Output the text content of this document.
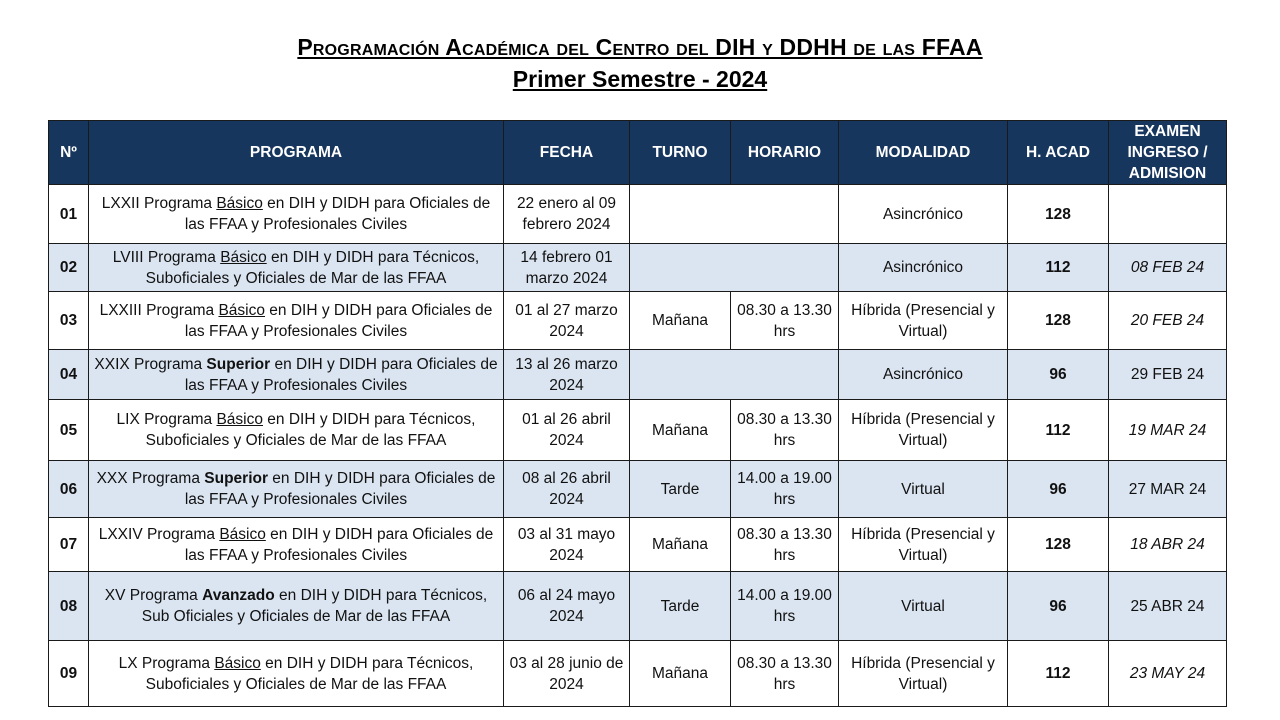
Programación Académica del Centro del DIH y DDHH de las FFAA
Primer Semestre - 2024
Nº	PROGRAMA	FECHA	TURNO	HORARIO	MODALIDAD	H. ACAD	EXAMEN INGRESO / ADMISION
01	LXXII Programa Básico en DIH y DIDH para Oficiales de las FFAA y Profesionales Civiles	22 enero al 09 febrero 2024			Asincrónico	128	
02	LVIII Programa Básico en DIH y DIDH para Técnicos, Suboficiales y Oficiales de Mar de las FFAA	14 febrero 01 marzo 2024			Asincrónico	112	08 FEB 24
03	LXXIII Programa Básico en DIH y DIDH para Oficiales de las FFAA y Profesionales Civiles	01 al 27 marzo 2024	Mañana	08.30 a 13.30 hrs	Híbrida (Presencial y Virtual)	128	20 FEB 24
04	XXIX Programa Superior en DIH y DIDH para Oficiales de las FFAA y Profesionales Civiles	13 al 26 marzo 2024			Asincrónico	96	29 FEB 24
05	LIX Programa Básico en DIH y DIDH para Técnicos, Suboficiales y Oficiales de Mar de las FFAA	01 al 26 abril 2024	Mañana	08.30 a 13.30 hrs	Híbrida (Presencial y Virtual)	112	19 MAR 24
06	XXX Programa Superior en DIH y DIDH para Oficiales de las FFAA y Profesionales Civiles	08 al 26 abril 2024	Tarde	14.00 a 19.00 hrs	Virtual	96	27 MAR 24
07	LXXIV Programa Básico en DIH y DIDH para Oficiales de las FFAA y Profesionales Civiles	03 al 31 mayo 2024	Mañana	08.30 a 13.30 hrs	Híbrida (Presencial y Virtual)	128	18 ABR 24
08	XV Programa Avanzado en DIH y DIDH para Técnicos, Sub Oficiales y Oficiales de Mar de las FFAA	06 al 24 mayo 2024	Tarde	14.00 a 19.00 hrs	Virtual	96	25 ABR 24
09	LX Programa Básico en DIH y DIDH para Técnicos, Suboficiales y Oficiales de Mar de las FFAA	03 al 28 junio de 2024	Mañana	08.30 a 13.30 hrs	Híbrida (Presencial y Virtual)	112	23 MAY 24
